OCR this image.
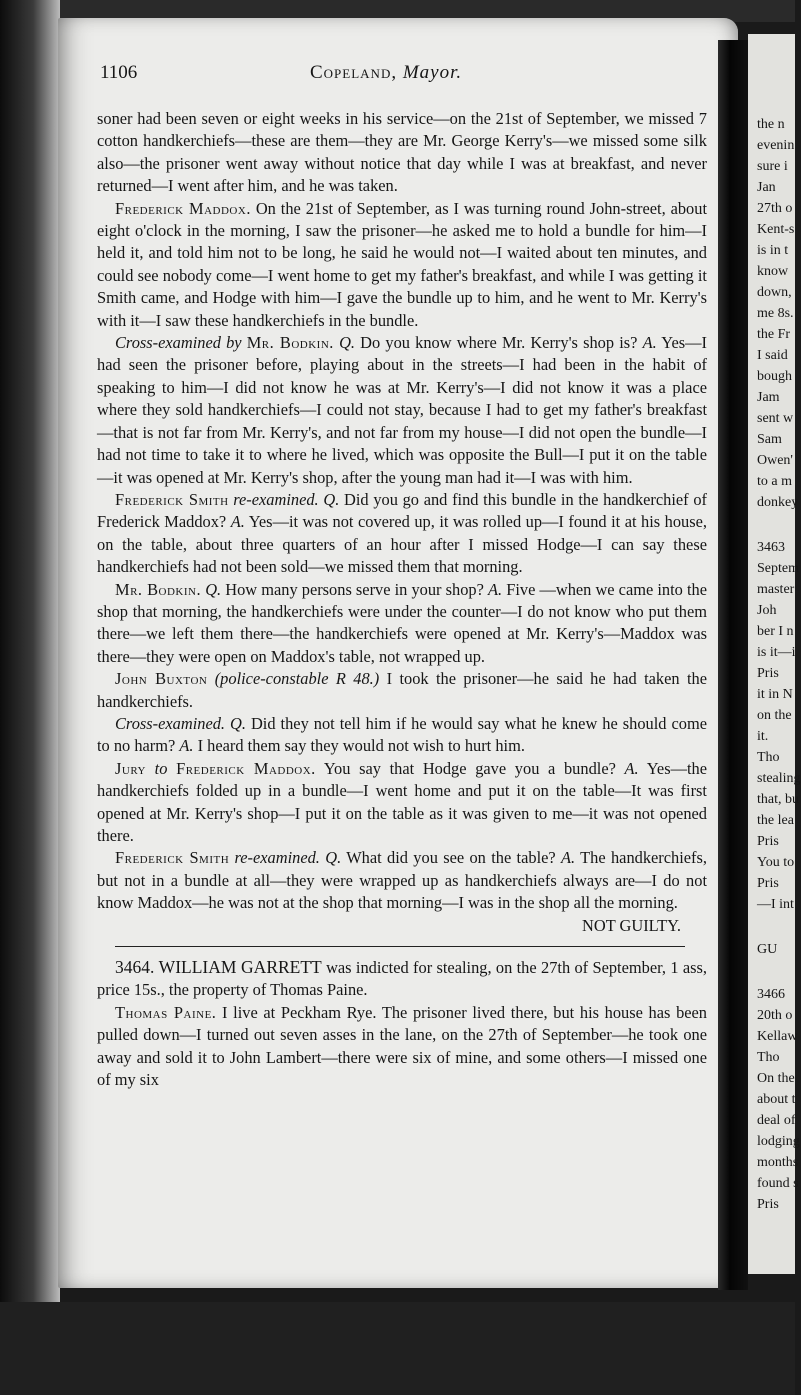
1106	Copeland, Mayor.

soner had been seven or eight weeks in his service—on the 21st of September, we missed 7 cotton handkerchiefs—these are them—they are Mr. George Kerry's—we missed some silk also—the prisoner went away without notice that day while I was at breakfast, and never returned—I went after him, and he was taken.

Frederick Maddox. On the 21st of September, as I was turning round John-street, about eight o'clock in the morning, I saw the prisoner—he asked me to hold a bundle for him—I held it, and told him not to be long, he said he would not—I waited about ten minutes, and could see nobody come—I went home to get my father's breakfast, and while I was getting it Smith came, and Hodge with him—I gave the bundle up to him, and he went to Mr. Kerry's with it—I saw these handkerchiefs in the bundle.

Cross-examined by Mr. Bodkin. Q. Do you know where Mr. Kerry's shop is? A. Yes—I had seen the prisoner before, playing about in the streets—I had been in the habit of speaking to him—I did not know he was at Mr. Kerry's—I did not know it was a place where they sold handkerchiefs—I could not stay, because I had to get my father's breakfast—that is not far from Mr. Kerry's, and not far from my house—I did not open the bundle—I had not time to take it to where he lived, which was opposite the Bull—I put it on the table—it was opened at Mr. Kerry's shop, after the young man had it—I was with him.

Frederick Smith re-examined. Q. Did you go and find this bundle in the handkerchief of Frederick Maddox? A. Yes—it was not covered up, it was rolled up—I found it at his house, on the table, about three quarters of an hour after I missed Hodge—I can say these handkerchiefs had not been sold—we missed them that morning.

Mr. Bodkin. Q. How many persons serve in your shop? A. Five —when we came into the shop that morning, the handkerchiefs were under the counter—I do not know who put them there—we left them there—the handkerchiefs were opened at Mr. Kerry's—Maddox was there—they were open on Maddox's table, not wrapped up.

John Buxton (police-constable R 48.) I took the prisoner—he said he had taken the handkerchiefs.

Cross-examined. Q. Did they not tell him if he would say what he knew he should come to no harm? A. I heard them say they would not wish to hurt him.

Jury to Frederick Maddox. You say that Hodge gave you a bundle? A. Yes—the handkerchiefs folded up in a bundle—I went home and put it on the table—It was first opened at Mr. Kerry's shop—I put it on the table as it was given to me—it was not opened there.

Frederick Smith re-examined. Q. What did you see on the table? A. The handkerchiefs, but not in a bundle at all—they were wrapped up as handkerchiefs always are—I do not know Maddox—he was not at the shop that morning—I was in the shop all the morning.

NOT GUILTY.

3464. WILLIAM GARRETT was indicted for stealing, on the 27th of September, 1 ass, price 15s., the property of Thomas Paine.

Thomas Paine. I live at Peckham Rye. The prisoner lived there, but his house has been pulled down—I turned out seven asses in the lane, on the 27th of September—he took one away and sold it to John Lambert—there were six of mine, and some others—I missed one of my six

the n
evenin
sure i
Jan
27th o
Kent-s
is in t
know
down,
me 8s.
the Fr
I said
bough
Jam
sent w
Sam
Owen'
to a m
donkey
3463
Septem
master
Joh
ber I n
is it—i
Pris
it in N
on the
it.
Tho
stealing
that, bu
the lea
Pris
You to
Pris
—I int
GU
3466
20th o
Kellaw
Tho
On the
about t
deal of
lodging
months
found s
Pris
